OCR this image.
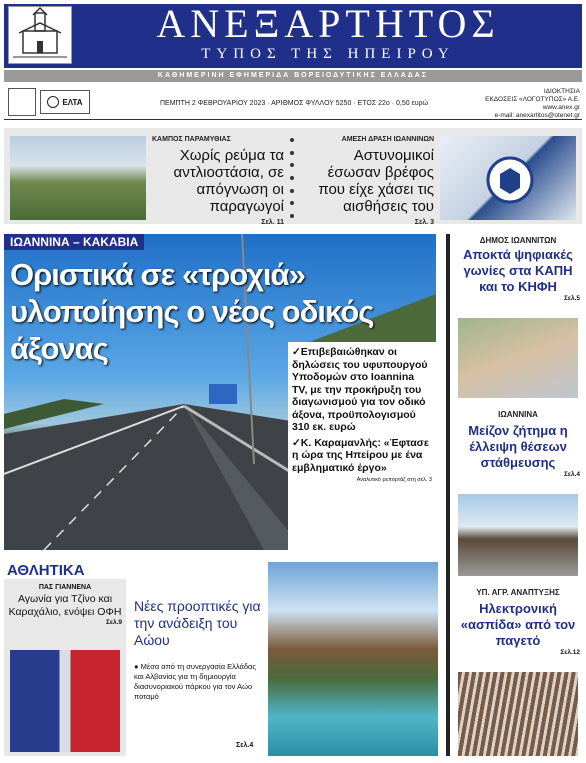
ΑΝΕΞΑΡΤΗΤΟΣ
ΤΥΠΟΣ ΤΗΣ ΗΠΕΙΡΟΥ
ΚΑΘΗΜΕΡΙΝΗ ΕΦΗΜΕΡΙΔΑ ΒΟΡΕΙΟΔΥΤΙΚΗΣ ΕΛΛΑΔΑΣ
ΕΛΤΑ	ΠΕΜΠΤΗ 2 ΦΕΒΡΟΥΑΡΙΟΥ 2023 · ΑΡΙΘΜΟΣ ΦΥΛΛΟΥ 5250 · ΕΤΟΣ 22ο · 0,50 ευρώ
ΙΔΙΟΚΤΗΣΙΑ
ΕΚΔΟΣΕΙΣ «ΛΟΓΟΤΥΠΟΣ» Α.Ε.
www.anex.gr
e-mail: anexartitos@otenet.gr
ΚΑΜΠΟΣ ΠΑΡΑΜΥΘΙΑΣ
Χωρίς ρεύμα τα αντλιοστάσια, σε απόγνωση οι παραγωγοί
Σελ. 11
ΑΜΕΣΗ ΔΡΑΣΗ ΙΩΑΝΝΙΝΩΝ
Αστυνομικοί έσωσαν βρέφος που είχε χάσει τις αισθήσεις του
Σελ. 3
ΙΩΑΝΝΙΝΑ – ΚΑΚΑΒΙΑ
Οριστικά σε «τροχιά» υλοποίησης ο νέος οδικός άξονας	✓Επιβεβαιώθηκαν οι δηλώσεις του υφυπουργού Υποδομών στο Ioannina TV, με την προκήρυξη του διαγωνισμού για τον οδικό άξονα, προϋπολογισμού 310 εκ. ευρώ
✓Κ. Καραμανλής: «Έφτασε η ώρα της Ηπείρου με ένα εμβληματικό έργο»
Αναλυτικό ρεπορτάζ στη σελ. 3
ΔΗΜΟΣ ΙΩΑΝΝΙΤΩΝ
Αποκτά ψηφιακές γωνίες στα ΚΑΠΗ και το ΚΗΦΗ
Σελ.5
ΙΩΑΝΝΙΝΑ
Μείζον ζήτημα η έλλειψη θέσεων στάθμευσης
Σελ.4
ΥΠ. ΑΓΡ. ΑΝΑΠΤΥΞΗΣ
Ηλεκτρονική «ασπίδα» από τον παγετό
Σελ.12
ΑΘΛΗΤΙΚΑ
ΠΑΣ ΓΙΑΝΝΕΝΑ
Αγωνία για Τζίνο και Καραχάλιο, ενόψει ΟΦΗ
Σελ.9
Νέες προοπτικές για την ανάδειξη του Αώου
● Μέσα από τη συνεργασία Ελλάδας και Αλβανίας για τη δημιουργία διασυνοριακού πάρκου για τον Αώο ποταμό
Σελ.4
